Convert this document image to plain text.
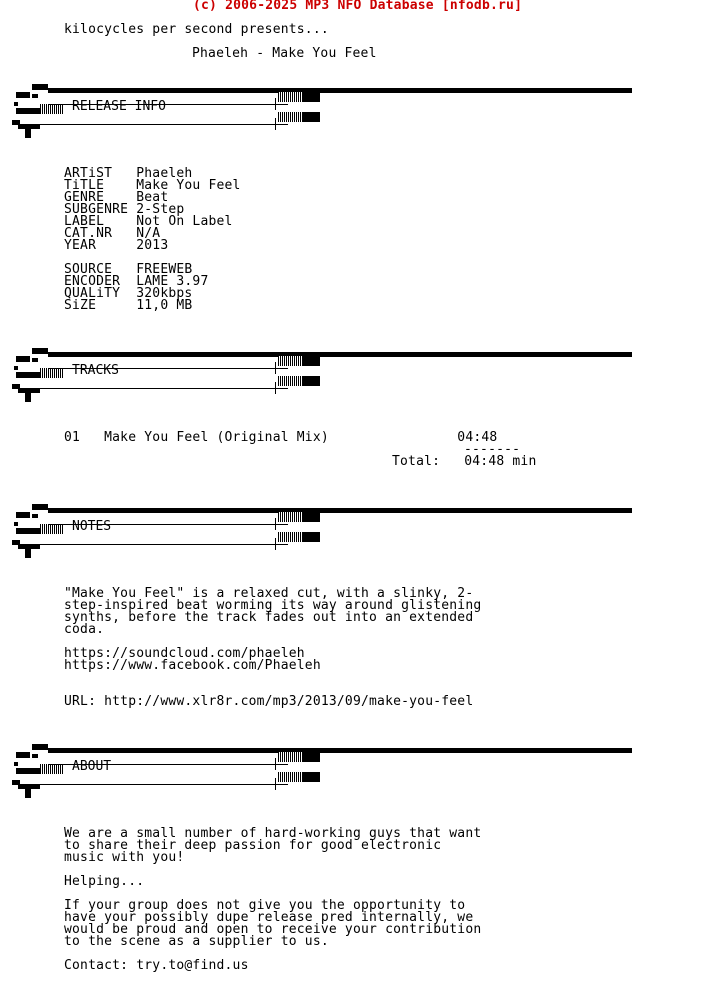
(c) 2006-2025 MP3 NFO Database [nfodb.ru]
kilocycles per second presents...
Phaeleh - Make You Feel
RELEASE INFO
ARTiST   Phaeleh
TiTLE    Make You Feel
GENRE    Beat
SUBGENRE 2-Step
LABEL    Not On Label
CAT.NR   N/A
YEAR     2013
SOURCE   FREEWEB
ENCODER  LAME 3.97
QUALiTY  320kbps
SiZE     11,0 MB
TRACKS
01   Make You Feel (Original Mix)                04:48
-------
Total:   04:48 min
NOTES
"Make You Feel" is a relaxed cut, with a slinky, 2-
step-inspired beat worming its way around glistening
synths, before the track fades out into an extended
coda.
https://soundcloud.com/phaeleh
https://www.facebook.com/Phaeleh
URL: http://www.xlr8r.com/mp3/2013/09/make-you-feel
ABOUT
We are a small number of hard-working guys that want
to share their deep passion for good electronic
music with you!
Helping...
If your group does not give you the opportunity to
have your possibly dupe release pred internally, we
would be proud and open to receive your contribution
to the scene as a supplier to us.
Contact: try.to@find.us
